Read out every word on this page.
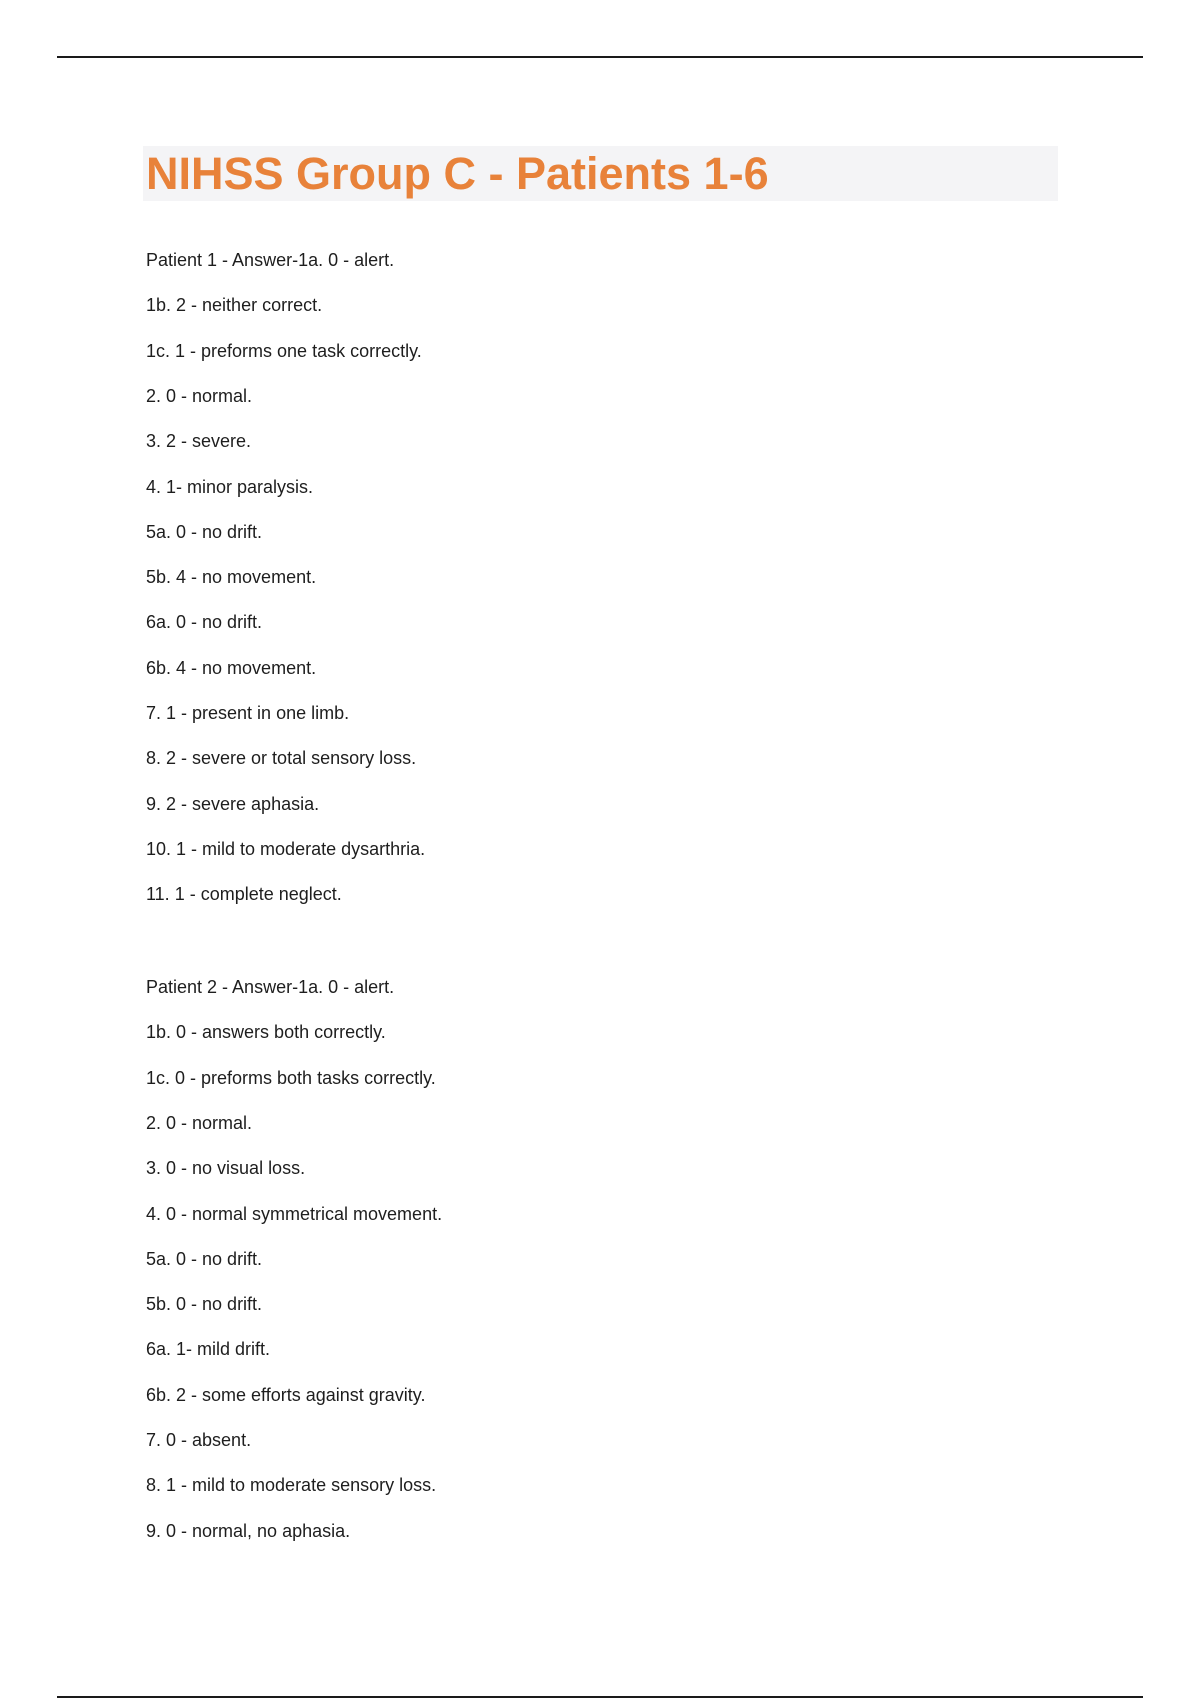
NIHSS Group C - Patients 1-6
Patient 1 - Answer-1a. 0 - alert.
1b. 2 - neither correct.
1c. 1 - preforms one task correctly.
2. 0 - normal.
3. 2 - severe.
4. 1- minor paralysis.
5a. 0 - no drift.
5b. 4 - no movement.
6a. 0 - no drift.
6b. 4 - no movement.
7. 1 - present in one limb.
8. 2 - severe or total sensory loss.
9. 2 - severe aphasia.
10. 1 - mild to moderate dysarthria.
11. 1 - complete neglect.
Patient 2 - Answer-1a. 0 - alert.
1b. 0 - answers both correctly.
1c. 0 - preforms both tasks correctly.
2. 0 - normal.
3. 0 - no visual loss.
4. 0 - normal symmetrical movement.
5a. 0 - no drift.
5b. 0 - no drift.
6a. 1- mild drift.
6b. 2 - some efforts against gravity.
7. 0 - absent.
8. 1 - mild to moderate sensory loss.
9. 0 - normal, no aphasia.
